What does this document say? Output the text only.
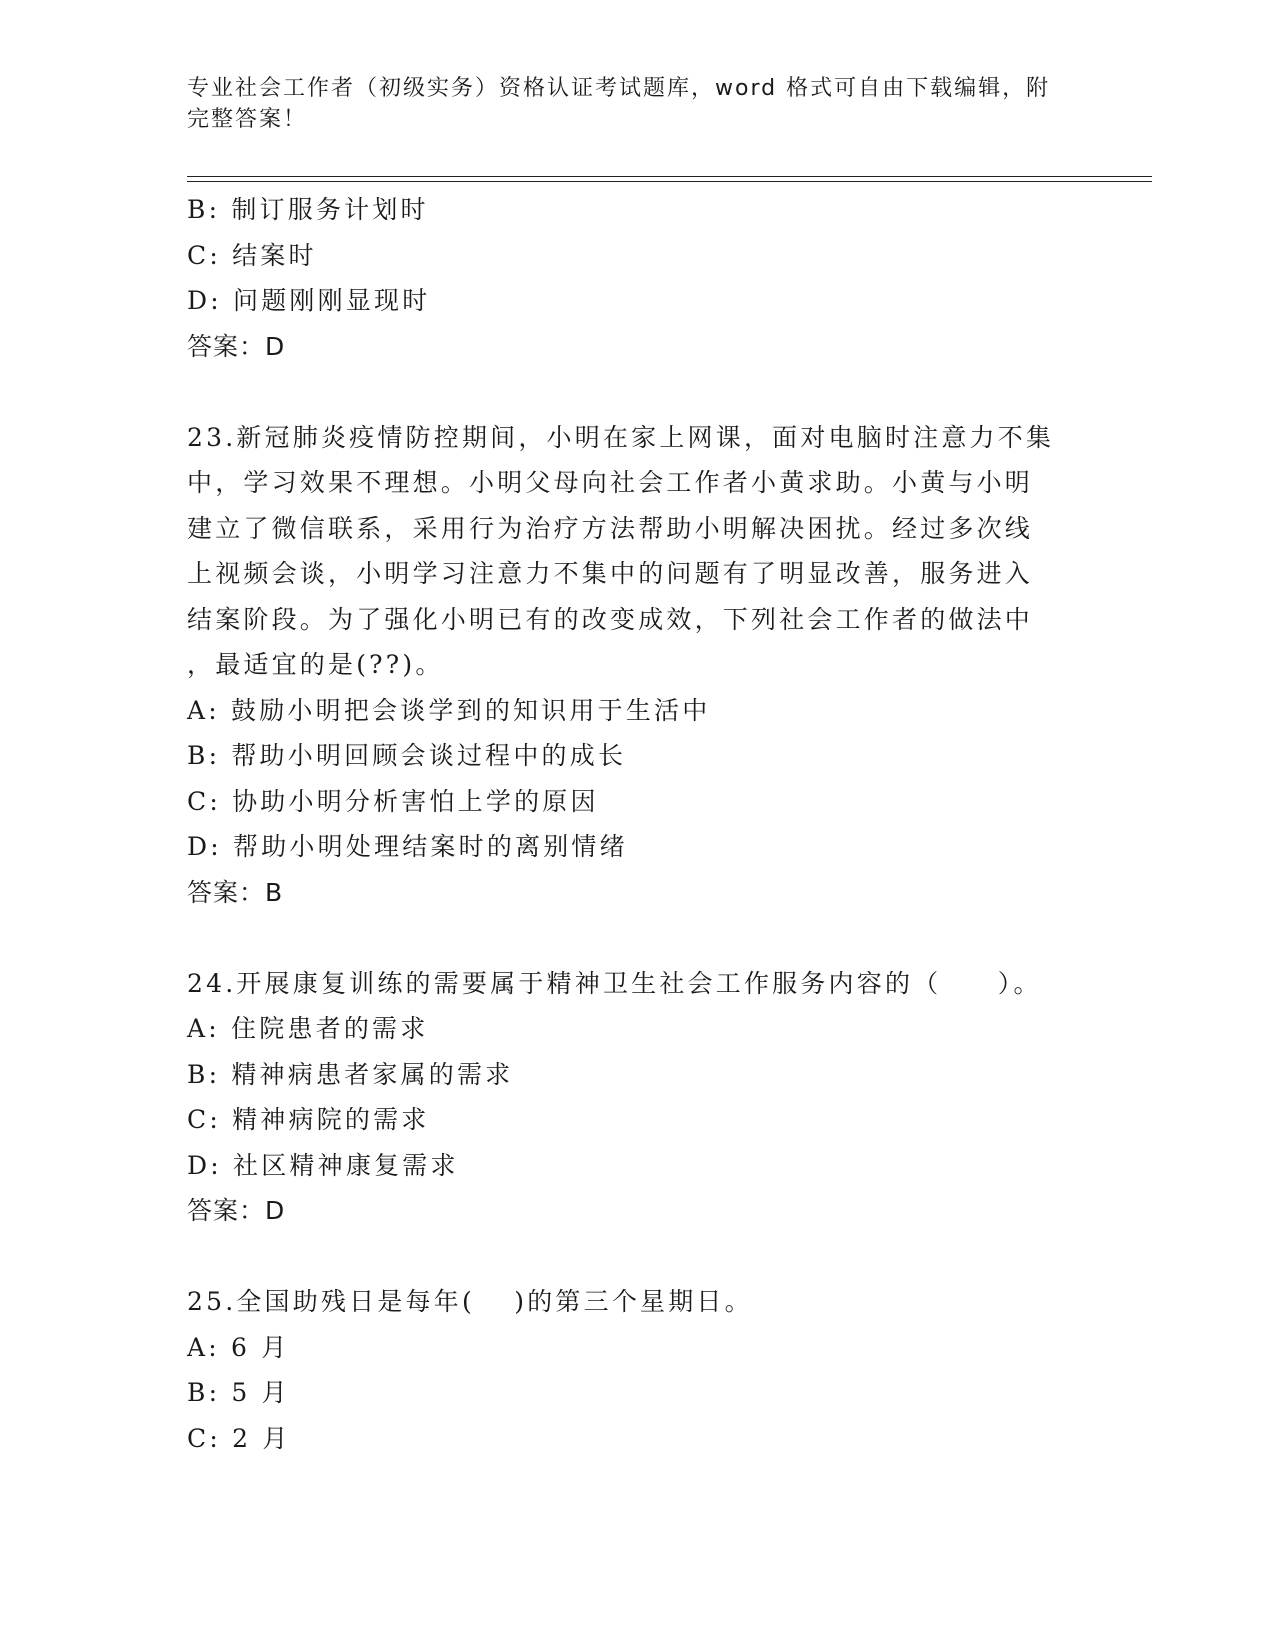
专业社会工作者（初级实务）资格认证考试题库，word 格式可自由下载编辑，附
完整答案！
B: 制订服务计划时
C: 结案时
D: 问题刚刚显现时
答案：D
23.新冠肺炎疫情防控期间，小明在家上网课，面对电脑时注意力不集
中，学习效果不理想。小明父母向社会工作者小黄求助。小黄与小明
建立了微信联系，采用行为治疗方法帮助小明解决困扰。经过多次线
上视频会谈，小明学习注意力不集中的问题有了明显改善，服务进入
结案阶段。为了强化小明已有的改变成效，下列社会工作者的做法中
，最适宜的是(??)。
A: 鼓励小明把会谈学到的知识用于生活中
B: 帮助小明回顾会谈过程中的成长
C: 协助小明分析害怕上学的原因
D: 帮助小明处理结案时的离别情绪
答案：B
24.开展康复训练的需要属于精神卫生社会工作服务内容的（　　）。
A: 住院患者的需求
B: 精神病患者家属的需求
C: 精神病院的需求
D: 社区精神康复需求
答案：D
25.全国助残日是每年(　 )的第三个星期日。
A: 6 月
B: 5 月
C: 2 月
